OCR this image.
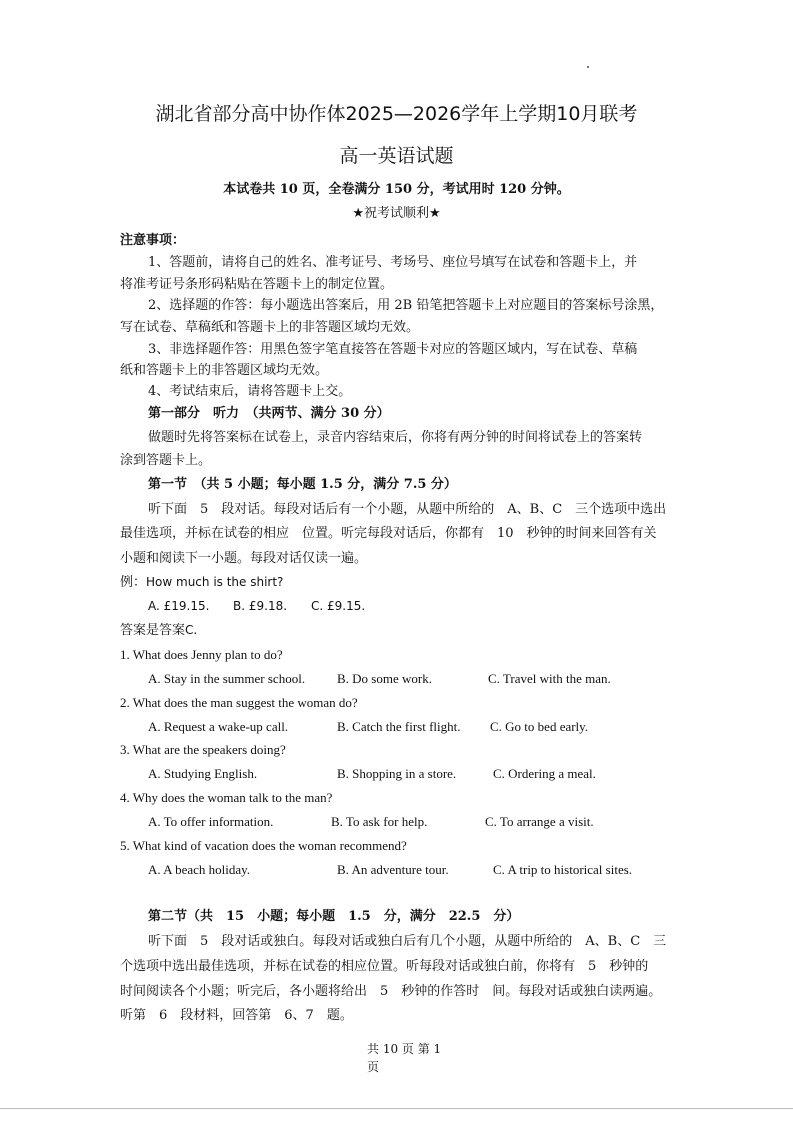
湖北省部分高中协作体2025—2026学年上学期10月联考
高一英语试题
本试卷共 10 页，全卷满分 150 分，考试用时 120 分钟。
★祝考试顺利★
注意事项：
1、答题前，请将自己的姓名、准考证号、考场号、座位号填写在试卷和答题卡上，并
将准考证号条形码粘贴在答题卡上的制定位置。
2、选择题的作答：每小题选出答案后，用 2B 铅笔把答题卡上对应题目的答案标号涂黑，
写在试卷、草稿纸和答题卡上的非答题区域均无效。
3、非选择题作答：用黑色签字笔直接答在答题卡对应的答题区域内，写在试卷、草稿
纸和答题卡上的非答题区域均无效。
4、考试结束后，请将答题卡上交。
第一部分　听力　（共两节、满分 30 分）
做题时先将答案标在试卷上，录音内容结束后，你将有两分钟的时间将试卷上的答案转
涂到答题卡上。
第一节　（共 5 小题；每小题 1.5 分，满分 7.5 分）
听下面　5　段对话。每段对话后有一个小题，从题中所给的　A、B、C　三个选项中选出
最佳选项，并标在试卷的相应　位置。听完每段对话后，你都有　10　秒钟的时间来回答有关
小题和阅读下一小题。每段对话仅读一遍。
例：How much is the shirt?
A. £19.15. B. £9.18. C. £9.15.
答案是答案C.
1. What does Jenny plan to do?
A. Stay in the summer school. B. Do some work.	C. Travel with the man.
2. What does the man suggest the woman do?
A. Request a wake-up call.	B. Catch the first flight. C. Go to bed early.
3. What are the speakers doing?
A. Studying English.	B. Shopping in a store.	C. Ordering a meal.
4. Why does the woman talk to the man?
A. To offer information.	B. To ask for help.	C. To arrange a visit.
5. What kind of vacation does the woman recommend?
A. A beach holiday.	B. An adventure tour.	C. A trip to historical sites.
第二节（共　15　小题；每小题　1.5　分，满分　22.5　分）
听下面　5　段对话或独白。每段对话或独白后有几个小题，从题中所给的　A、B、C　三
个选项中选出最佳选项，并标在试卷的相应位置。听每段对话或独白前，你将有　5　秒钟的
时间阅读各个小题；听完后，各小题将给出　5　秒钟的作答时　间。每段对话或独白读两遍。
听第　6　段材料，回答第　6、7　题。
共 10 页 第 1
页
